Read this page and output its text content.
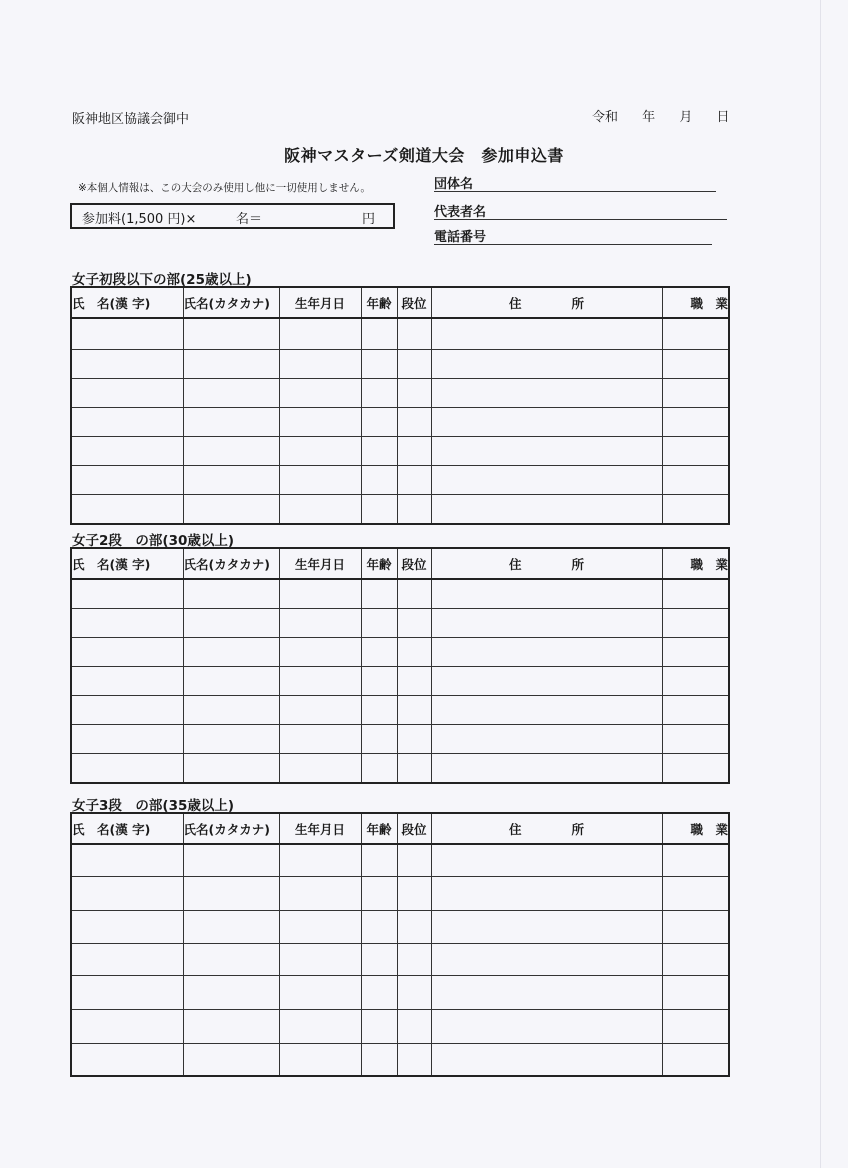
阪神地区協議会御中	令和 年 月 日
阪神マスターズ剣道大会　参加申込書
※本個人情報は、この大会のみ使用し他に一切使用しません。
参加料(1,500 円)×	名＝	円
団体名
代表者名
電話番号
女子初段以下の部(25歳以上)
氏　名(漢 字)	氏名(カタカナ)	生年月日	年齢	段位	住　　　　所	職　業

女子2段　の部(30歳以上)
氏　名(漢 字)	氏名(カタカナ)	生年月日	年齢	段位	住　　　　所	職　業

女子3段　の部(35歳以上)
氏　名(漢 字)	氏名(カタカナ)	生年月日	年齢	段位	住　　　　所	職　業
